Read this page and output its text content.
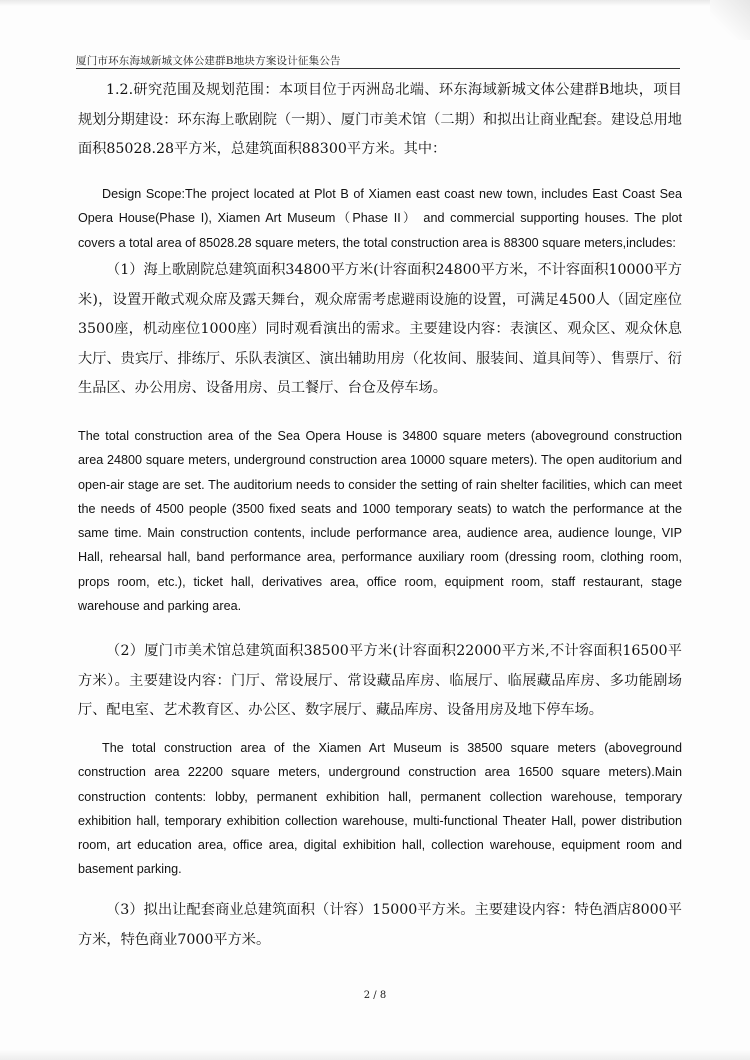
厦门市环东海域新城文体公建群B地块方案设计征集公告

1.2.研究范围及规划范围：本项目位于丙洲岛北端、环东海域新城文体公建群B地块，项目规划分期建设：环东海上歌剧院（一期）、厦门市美术馆（二期）和拟出让商业配套。建设总用地面积85028.28平方米，总建筑面积88300平方米。其中：

Design Scope:The project located at Plot B of Xiamen east coast new town, includes East Coast Sea Opera House(Phase I), Xiamen Art Museum（Phase II） and commercial supporting houses. The plot covers a total area of 85028.28 square meters, the total construction area is 88300 square meters,includes:

（1）海上歌剧院总建筑面积34800平方米(计容面积24800平方米，不计容面积10000平方米)，设置开敞式观众席及露天舞台，观众席需考虑避雨设施的设置，可满足4500人（固定座位3500座，机动座位1000座）同时观看演出的需求。主要建设内容：表演区、观众区、观众休息大厅、贵宾厅、排练厅、乐队表演区、演出辅助用房（化妆间、服装间、道具间等）、售票厅、衍生品区、办公用房、设备用房、员工餐厅、台仓及停车场。

The total construction area of the Sea Opera House is 34800 square meters (aboveground construction area 24800 square meters, underground construction area 10000 square meters). The open auditorium and open-air stage are set. The auditorium needs to consider the setting of rain shelter facilities, which can meet the needs of 4500 people (3500 fixed seats and 1000 temporary seats) to watch the performance at the same time. Main construction contents, include performance area, audience area, audience lounge, VIP Hall, rehearsal hall, band performance area, performance auxiliary room (dressing room, clothing room, props room, etc.), ticket hall, derivatives area, office room, equipment room, staff restaurant, stage warehouse and parking area.

（2）厦门市美术馆总建筑面积38500平方米(计容面积22000平方米,不计容面积16500平方米）。主要建设内容：门厅、常设展厅、常设藏品库房、临展厅、临展藏品库房、多功能剧场厅、配电室、艺术教育区、办公区、数字展厅、藏品库房、设备用房及地下停车场。

The total construction area of the Xiamen Art Museum is 38500 square meters (aboveground construction area 22200 square meters, underground construction area 16500 square meters).Main construction contents: lobby, permanent exhibition hall, permanent collection warehouse, temporary exhibition hall, temporary exhibition collection warehouse, multi-functional Theater Hall, power distribution room, art education area, office area, digital exhibition hall, collection warehouse, equipment room and basement parking.

（3）拟出让配套商业总建筑面积（计容）15000平方米。主要建设内容：特色酒店8000平方米，特色商业7000平方米。

2 / 8
